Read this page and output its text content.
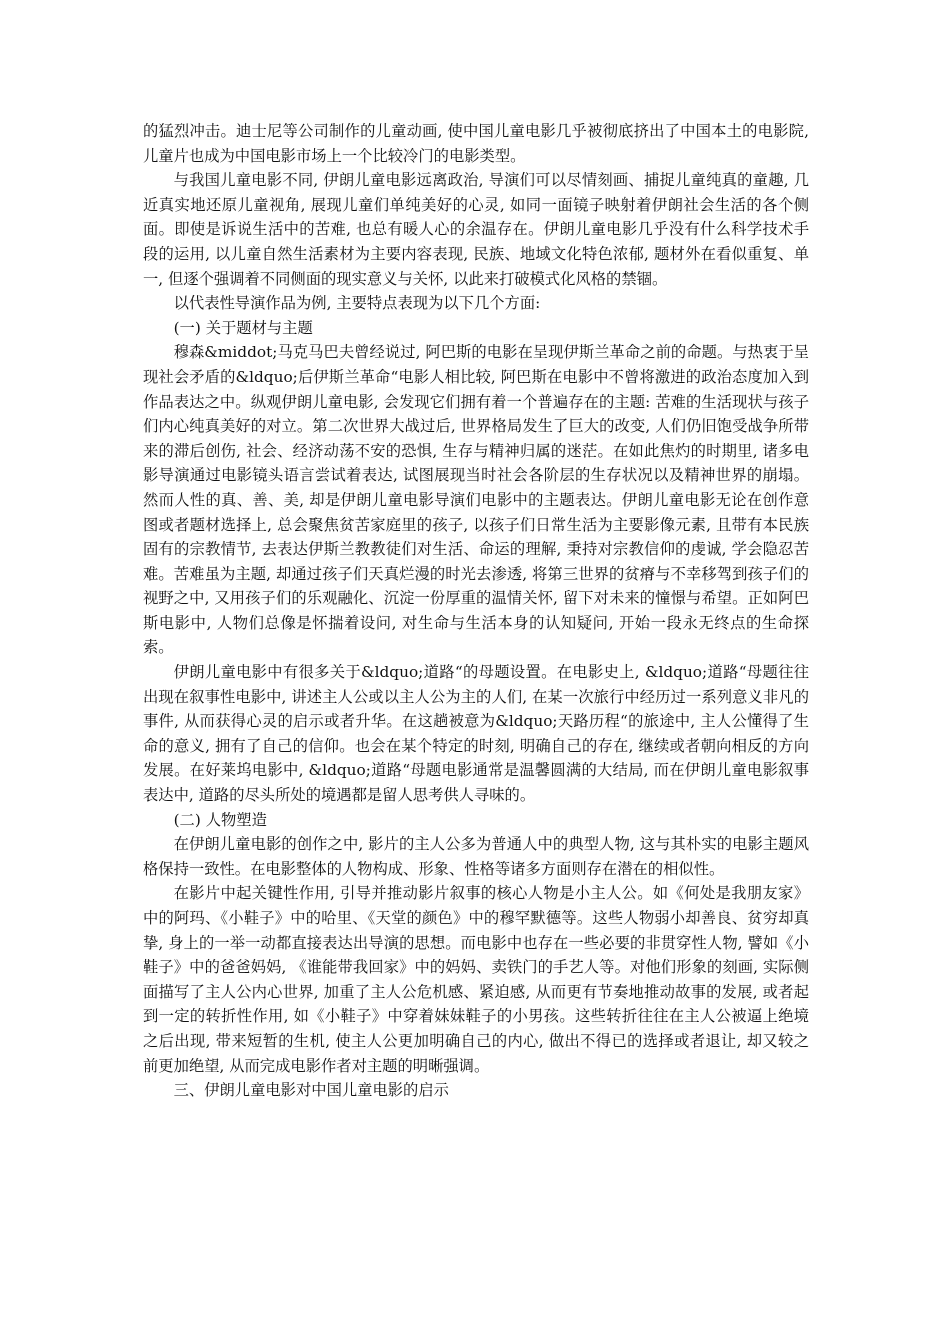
的猛烈冲击。迪士尼等公司制作的儿童动画, 使中国儿童电影几乎被彻底挤出了中国本土的电影院, 儿童片也成为中国电影市场上一个比较冷门的电影类型。

与我国儿童电影不同, 伊朗儿童电影远离政治, 导演们可以尽情刻画、捕捉儿童纯真的童趣, 几近真实地还原儿童视角, 展现儿童们单纯美好的心灵, 如同一面镜子映射着伊朗社会生活的各个侧面。即使是诉说生活中的苦难, 也总有暖人心的余温存在。伊朗儿童电影几乎没有什么科学技术手段的运用, 以儿童自然生活素材为主要内容表现, 民族、地域文化特色浓郁, 题材外在看似重复、单一, 但逐个强调着不同侧面的现实意义与关怀, 以此来打破模式化风格的禁锢。

以代表性导演作品为例, 主要特点表现为以下几个方面:

(一) 关于题材与主题

穆森&middot;马克马巴夫曾经说过, 阿巴斯的电影在呈现伊斯兰革命之前的命题。与热衷于呈现社会矛盾的&ldquo;后伊斯兰革命“电影人相比较, 阿巴斯在电影中不曾将激进的政治态度加入到作品表达之中。纵观伊朗儿童电影, 会发现它们拥有着一个普遍存在的主题: 苦难的生活现状与孩子们内心纯真美好的对立。第二次世界大战过后, 世界格局发生了巨大的改变, 人们仍旧饱受战争所带来的滞后创伤, 社会、经济动荡不安的恐惧, 生存与精神归属的迷茫。在如此焦灼的时期里, 诸多电影导演通过电影镜头语言尝试着表达, 试图展现当时社会各阶层的生存状况以及精神世界的崩塌。然而人性的真、善、美, 却是伊朗儿童电影导演们电影中的主题表达。伊朗儿童电影无论在创作意图或者题材选择上, 总会聚焦贫苦家庭里的孩子, 以孩子们日常生活为主要影像元素, 且带有本民族固有的宗教情节, 去表达伊斯兰教教徒们对生活、命运的理解, 秉持对宗教信仰的虔诚, 学会隐忍苦难。苦难虽为主题, 却通过孩子们天真烂漫的时光去渗透, 将第三世界的贫瘠与不幸移驾到孩子们的视野之中, 又用孩子们的乐观融化、沉淀一份厚重的温情关怀, 留下对未来的憧憬与希望。正如阿巴斯电影中, 人物们总像是怀揣着设问, 对生命与生活本身的认知疑问, 开始一段永无终点的生命探索。

伊朗儿童电影中有很多关于&ldquo;道路“的母题设置。在电影史上, &ldquo;道路“母题往往出现在叙事性电影中, 讲述主人公或以主人公为主的人们, 在某一次旅行中经历过一系列意义非凡的事件, 从而获得心灵的启示或者升华。在这趟被意为&ldquo;天路历程“的旅途中, 主人公懂得了生命的意义, 拥有了自己的信仰。也会在某个特定的时刻, 明确自己的存在, 继续或者朝向相反的方向发展。在好莱坞电影中, &ldquo;道路“母题电影通常是温馨圆满的大结局, 而在伊朗儿童电影叙事表达中, 道路的尽头所处的境遇都是留人思考供人寻味的。

(二) 人物塑造

在伊朗儿童电影的创作之中, 影片的主人公多为普通人中的典型人物, 这与其朴实的电影主题风格保持一致性。在电影整体的人物构成、形象、性格等诸多方面则存在潜在的相似性。

在影片中起关键性作用, 引导并推动影片叙事的核心人物是小主人公。如《何处是我朋友家》中的阿玛、《小鞋子》中的哈里、《天堂的颜色》中的穆罕默德等。这些人物弱小却善良、贫穷却真挚, 身上的一举一动都直接表达出导演的思想。而电影中也存在一些必要的非贯穿性人物, 譬如《小鞋子》中的爸爸妈妈, 《谁能带我回家》中的妈妈、卖铁门的手艺人等。对他们形象的刻画, 实际侧面描写了主人公内心世界, 加重了主人公危机感、紧迫感, 从而更有节奏地推动故事的发展, 或者起到一定的转折性作用, 如《小鞋子》中穿着妹妹鞋子的小男孩。这些转折往往在主人公被逼上绝境之后出现, 带来短暂的生机, 使主人公更加明确自己的内心, 做出不得已的选择或者退让, 却又较之前更加绝望, 从而完成电影作者对主题的明晰强调。

三、伊朗儿童电影对中国儿童电影的启示
